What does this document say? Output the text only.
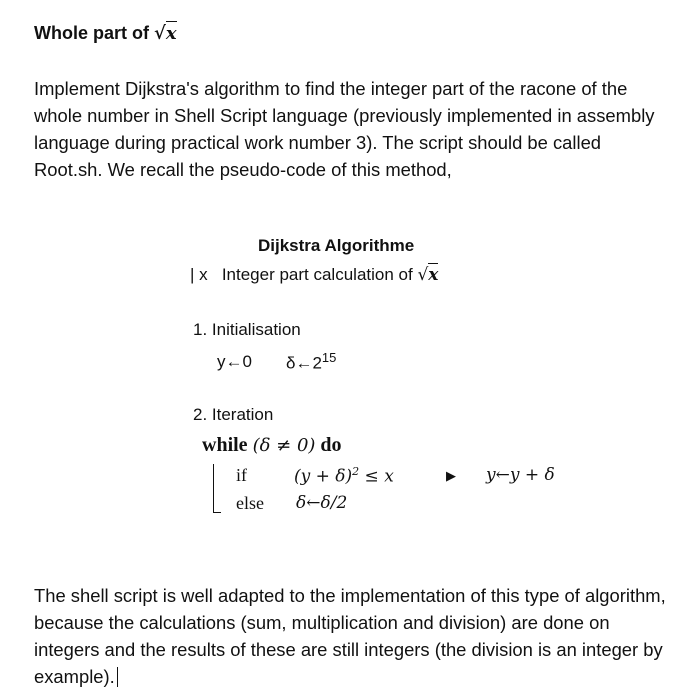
Whole part of √x
Implement Dijkstra's algorithm to find the integer part of the racone of the whole number in Shell Script language (previously implemented in assembly language during practical work number 3). The script should be called Root.sh. We recall the pseudo-code of this method,
Dijkstra Algorithme
| x Integer part calculation of √x
1. Initialisation
y←0 $\delta\leftarrow 2^{15}$
2. Iteration
while (δ ≠ 0) do
if	$(y + \delta)^2 \le x$	▶ y←y + δ
else δ←δ/2
The shell script is well adapted to the implementation of this type of algorithm, because the calculations (sum, multiplication and division) are done on integers and the results of these are still integers (the division is an integer by example).
